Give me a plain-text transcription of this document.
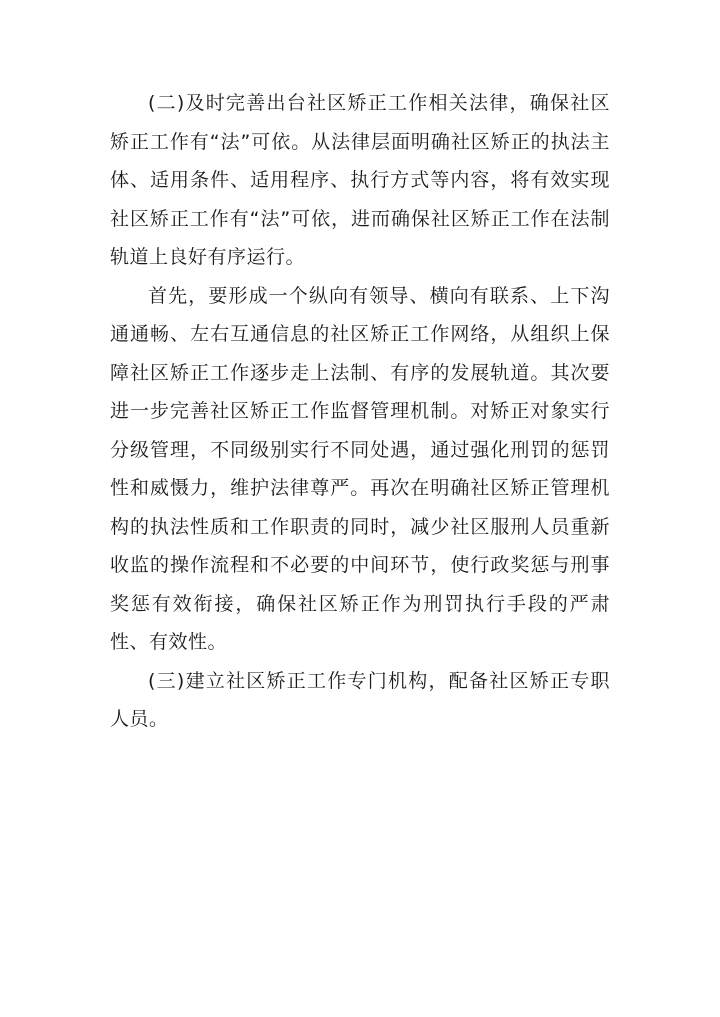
(二)及时完善出台社区矫正工作相关法律，确保社区矫正工作有“法”可依。从法律层面明确社区矫正的执法主体、适用条件、适用程序、执行方式等内容，将有效实现社区矫正工作有“法”可依，进而确保社区矫正工作在法制轨道上良好有序运行。

首先，要形成一个纵向有领导、横向有联系、上下沟通通畅、左右互通信息的社区矫正工作网络，从组织上保障社区矫正工作逐步走上法制、有序的发展轨道。其次要进一步完善社区矫正工作监督管理机制。对矫正对象实行分级管理，不同级别实行不同处遇，通过强化刑罚的惩罚性和威慑力，维护法律尊严。再次在明确社区矫正管理机构的执法性质和工作职责的同时，减少社区服刑人员重新收监的操作流程和不必要的中间环节，使行政奖惩与刑事奖惩有效衔接，确保社区矫正作为刑罚执行手段的严肃性、有效性。

(三)建立社区矫正工作专门机构，配备社区矫正专职人员。
